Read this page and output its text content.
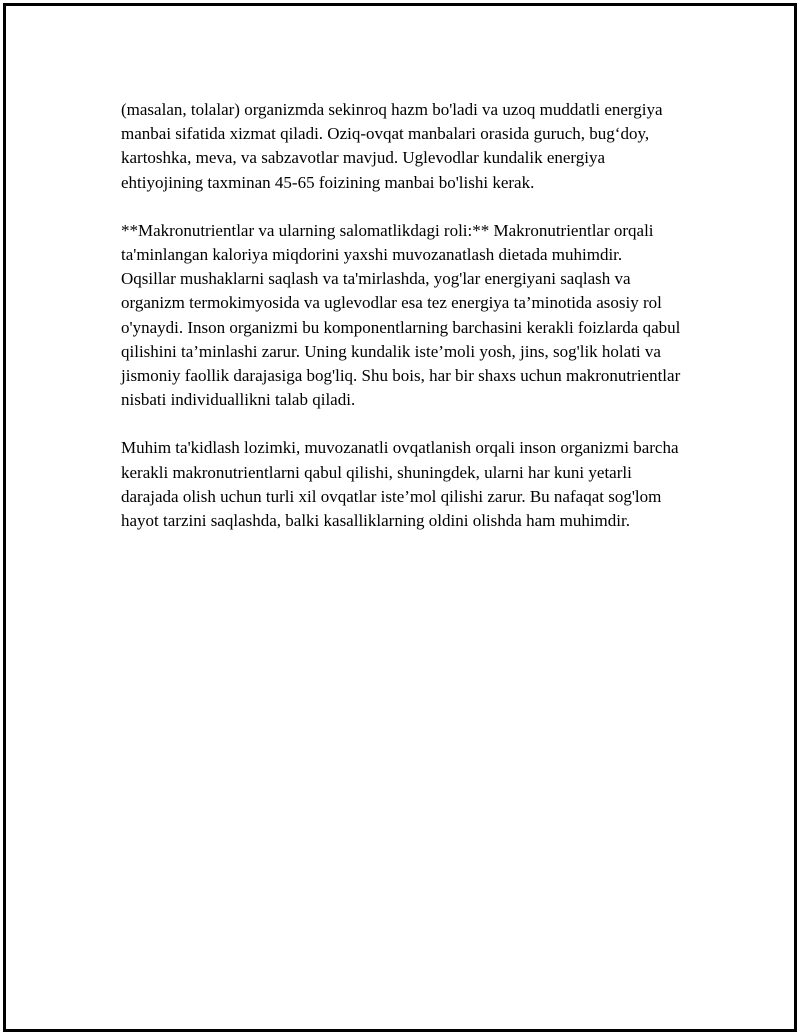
(masalan, tolalar) organizmda sekinroq hazm bo'ladi va uzoq muddatli energiya manbai sifatida xizmat qiladi. Oziq-ovqat manbalari orasida guruch, bug‘doy, kartoshka, meva, va sabzavotlar mavjud. Uglevodlar kundalik energiya ehtiyojining taxminan 45-65 foizining manbai bo'lishi kerak.

**Makronutrientlar va ularning salomatlikdagi roli:** Makronutrientlar orqali ta'minlangan kaloriya miqdorini yaxshi muvozanatlash dietada muhimdir. Oqsillar mushaklarni saqlash va ta'mirlashda, yog'lar energiyani saqlash va organizm termokimyosida va uglevodlar esa tez energiya ta’minotida asosiy rol o'ynaydi. Inson organizmi bu komponentlarning barchasini kerakli foizlarda qabul qilishini ta’minlashi zarur. Uning kundalik iste’moli yosh, jins, sog'lik holati va jismoniy faollik darajasiga bog'liq. Shu bois, har bir shaxs uchun makronutrientlar nisbati individuallikni talab qiladi.

Muhim ta'kidlash lozimki, muvozanatli ovqatlanish orqali inson organizmi barcha kerakli makronutrientlarni qabul qilishi, shuningdek, ularni har kuni yetarli darajada olish uchun turli xil ovqatlar iste’mol qilishi zarur. Bu nafaqat sog'lom hayot tarzini saqlashda, balki kasalliklarning oldini olishda ham muhimdir.
